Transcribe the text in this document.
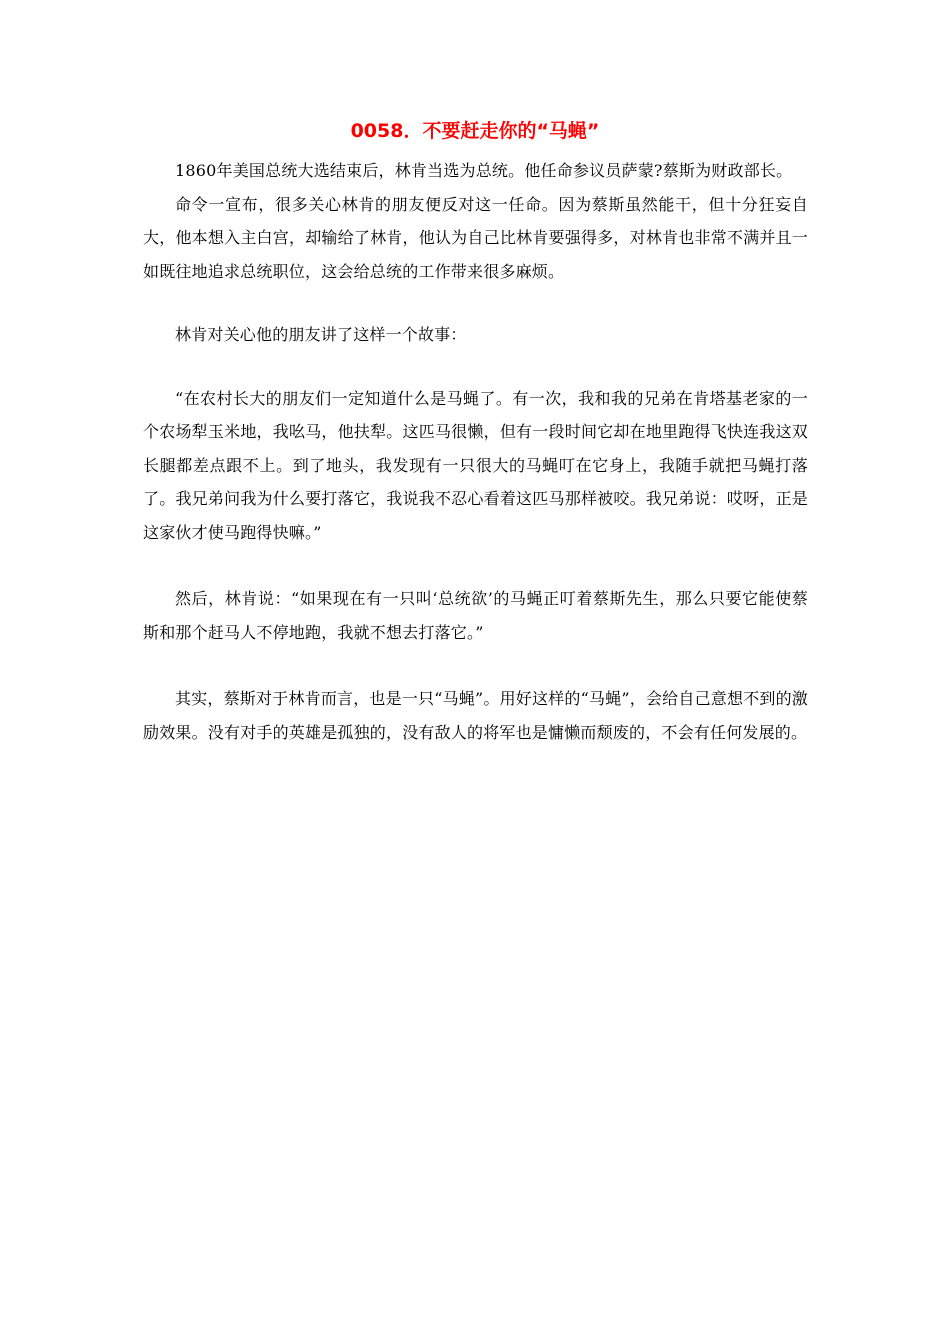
0058．不要赶走你的“马蝇”

1860年美国总统大选结束后，林肯当选为总统。他任命参议员萨蒙?蔡斯为财政部长。

命令一宣布，很多关心林肯的朋友便反对这一任命。因为蔡斯虽然能干，但十分狂妄自大，他本想入主白宫，却输给了林肯，他认为自己比林肯要强得多，对林肯也非常不满并且一如既往地追求总统职位，这会给总统的工作带来很多麻烦。

林肯对关心他的朋友讲了这样一个故事：

“在农村长大的朋友们一定知道什么是马蝇了。有一次，我和我的兄弟在肯塔基老家的一个农场犁玉米地，我吆马，他扶犁。这匹马很懒，但有一段时间它却在地里跑得飞快连我这双长腿都差点跟不上。到了地头，我发现有一只很大的马蝇叮在它身上，我随手就把马蝇打落了。我兄弟问我为什么要打落它，我说我不忍心看着这匹马那样被咬。我兄弟说：哎呀，正是这家伙才使马跑得快嘛。”

然后，林肯说：“如果现在有一只叫‘总统欲’的马蝇正叮着蔡斯先生，那么只要它能使蔡斯和那个赶马人不停地跑，我就不想去打落它。”

其实，蔡斯对于林肯而言，也是一只“马蝇”。用好这样的“马蝇”，会给自己意想不到的激励效果。没有对手的英雄是孤独的，没有敌人的将军也是慵懒而颓废的，不会有任何发展的。
